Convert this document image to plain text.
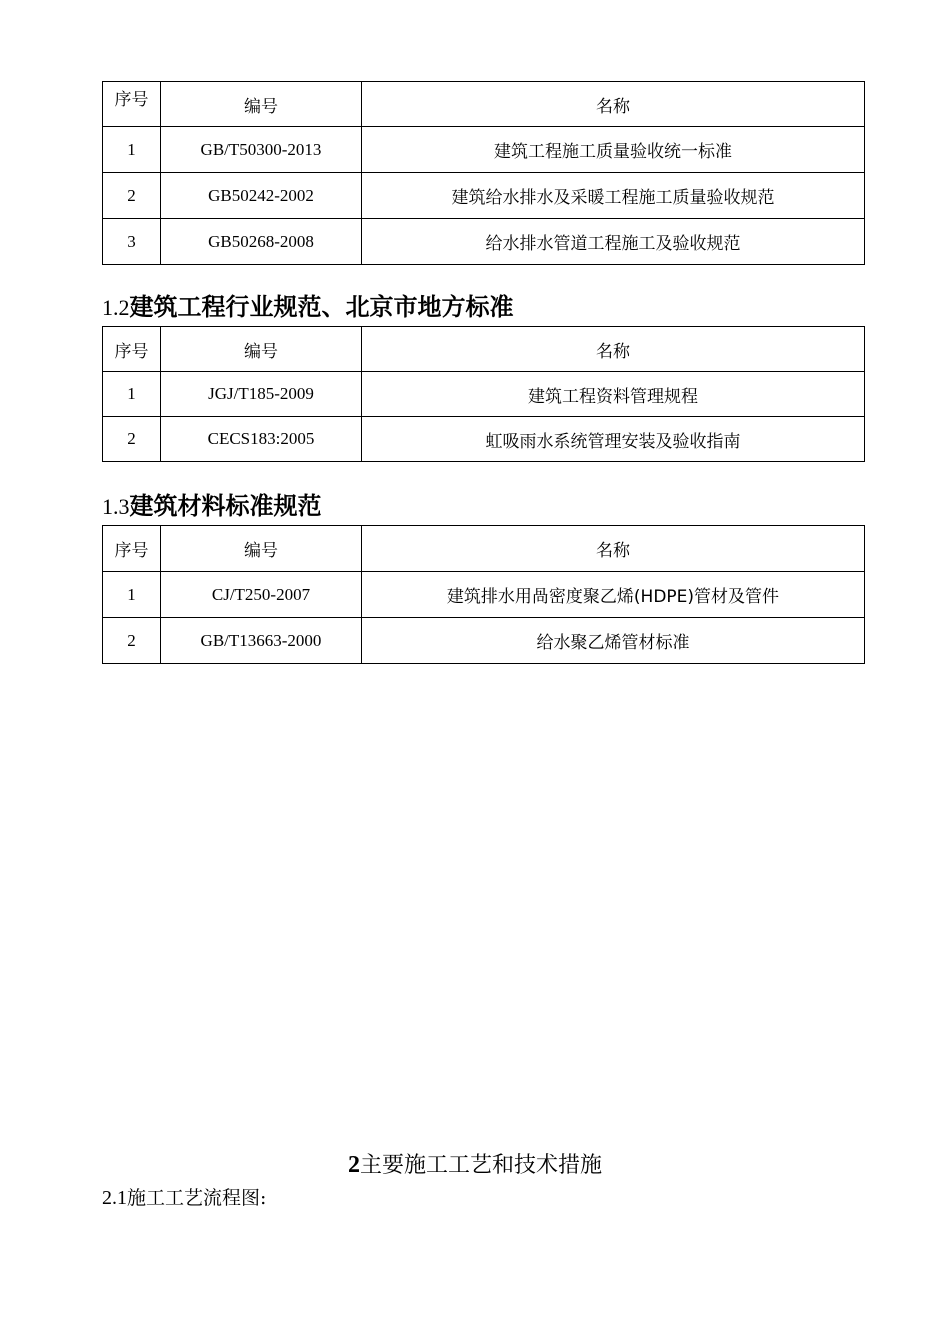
序号	编号	名称
1	GB/T50300-2013	建筑工程施工质量验收统一标准
2	GB50242-2002	建筑给水排水及采暖工程施工质量验收规范
3	GB50268-2008	给水排水管道工程施工及验收规范
1.2建筑工程行业规范、北京市地方标准
序号	编号	名称
1	JGJ/T185-2009	建筑工程资料管理规程
2	CECS183:2005	虹吸雨水系统管理安装及验收指南
1.3建筑材料标准规范
序号	编号	名称
1	CJ/T250-2007	建筑排水用咼密度聚乙烯(HDPE)管材及管件
2	GB/T13663-2000	给水聚乙烯管材标准
2主要施工工艺和技术措施
2.1施工工艺流程图:
